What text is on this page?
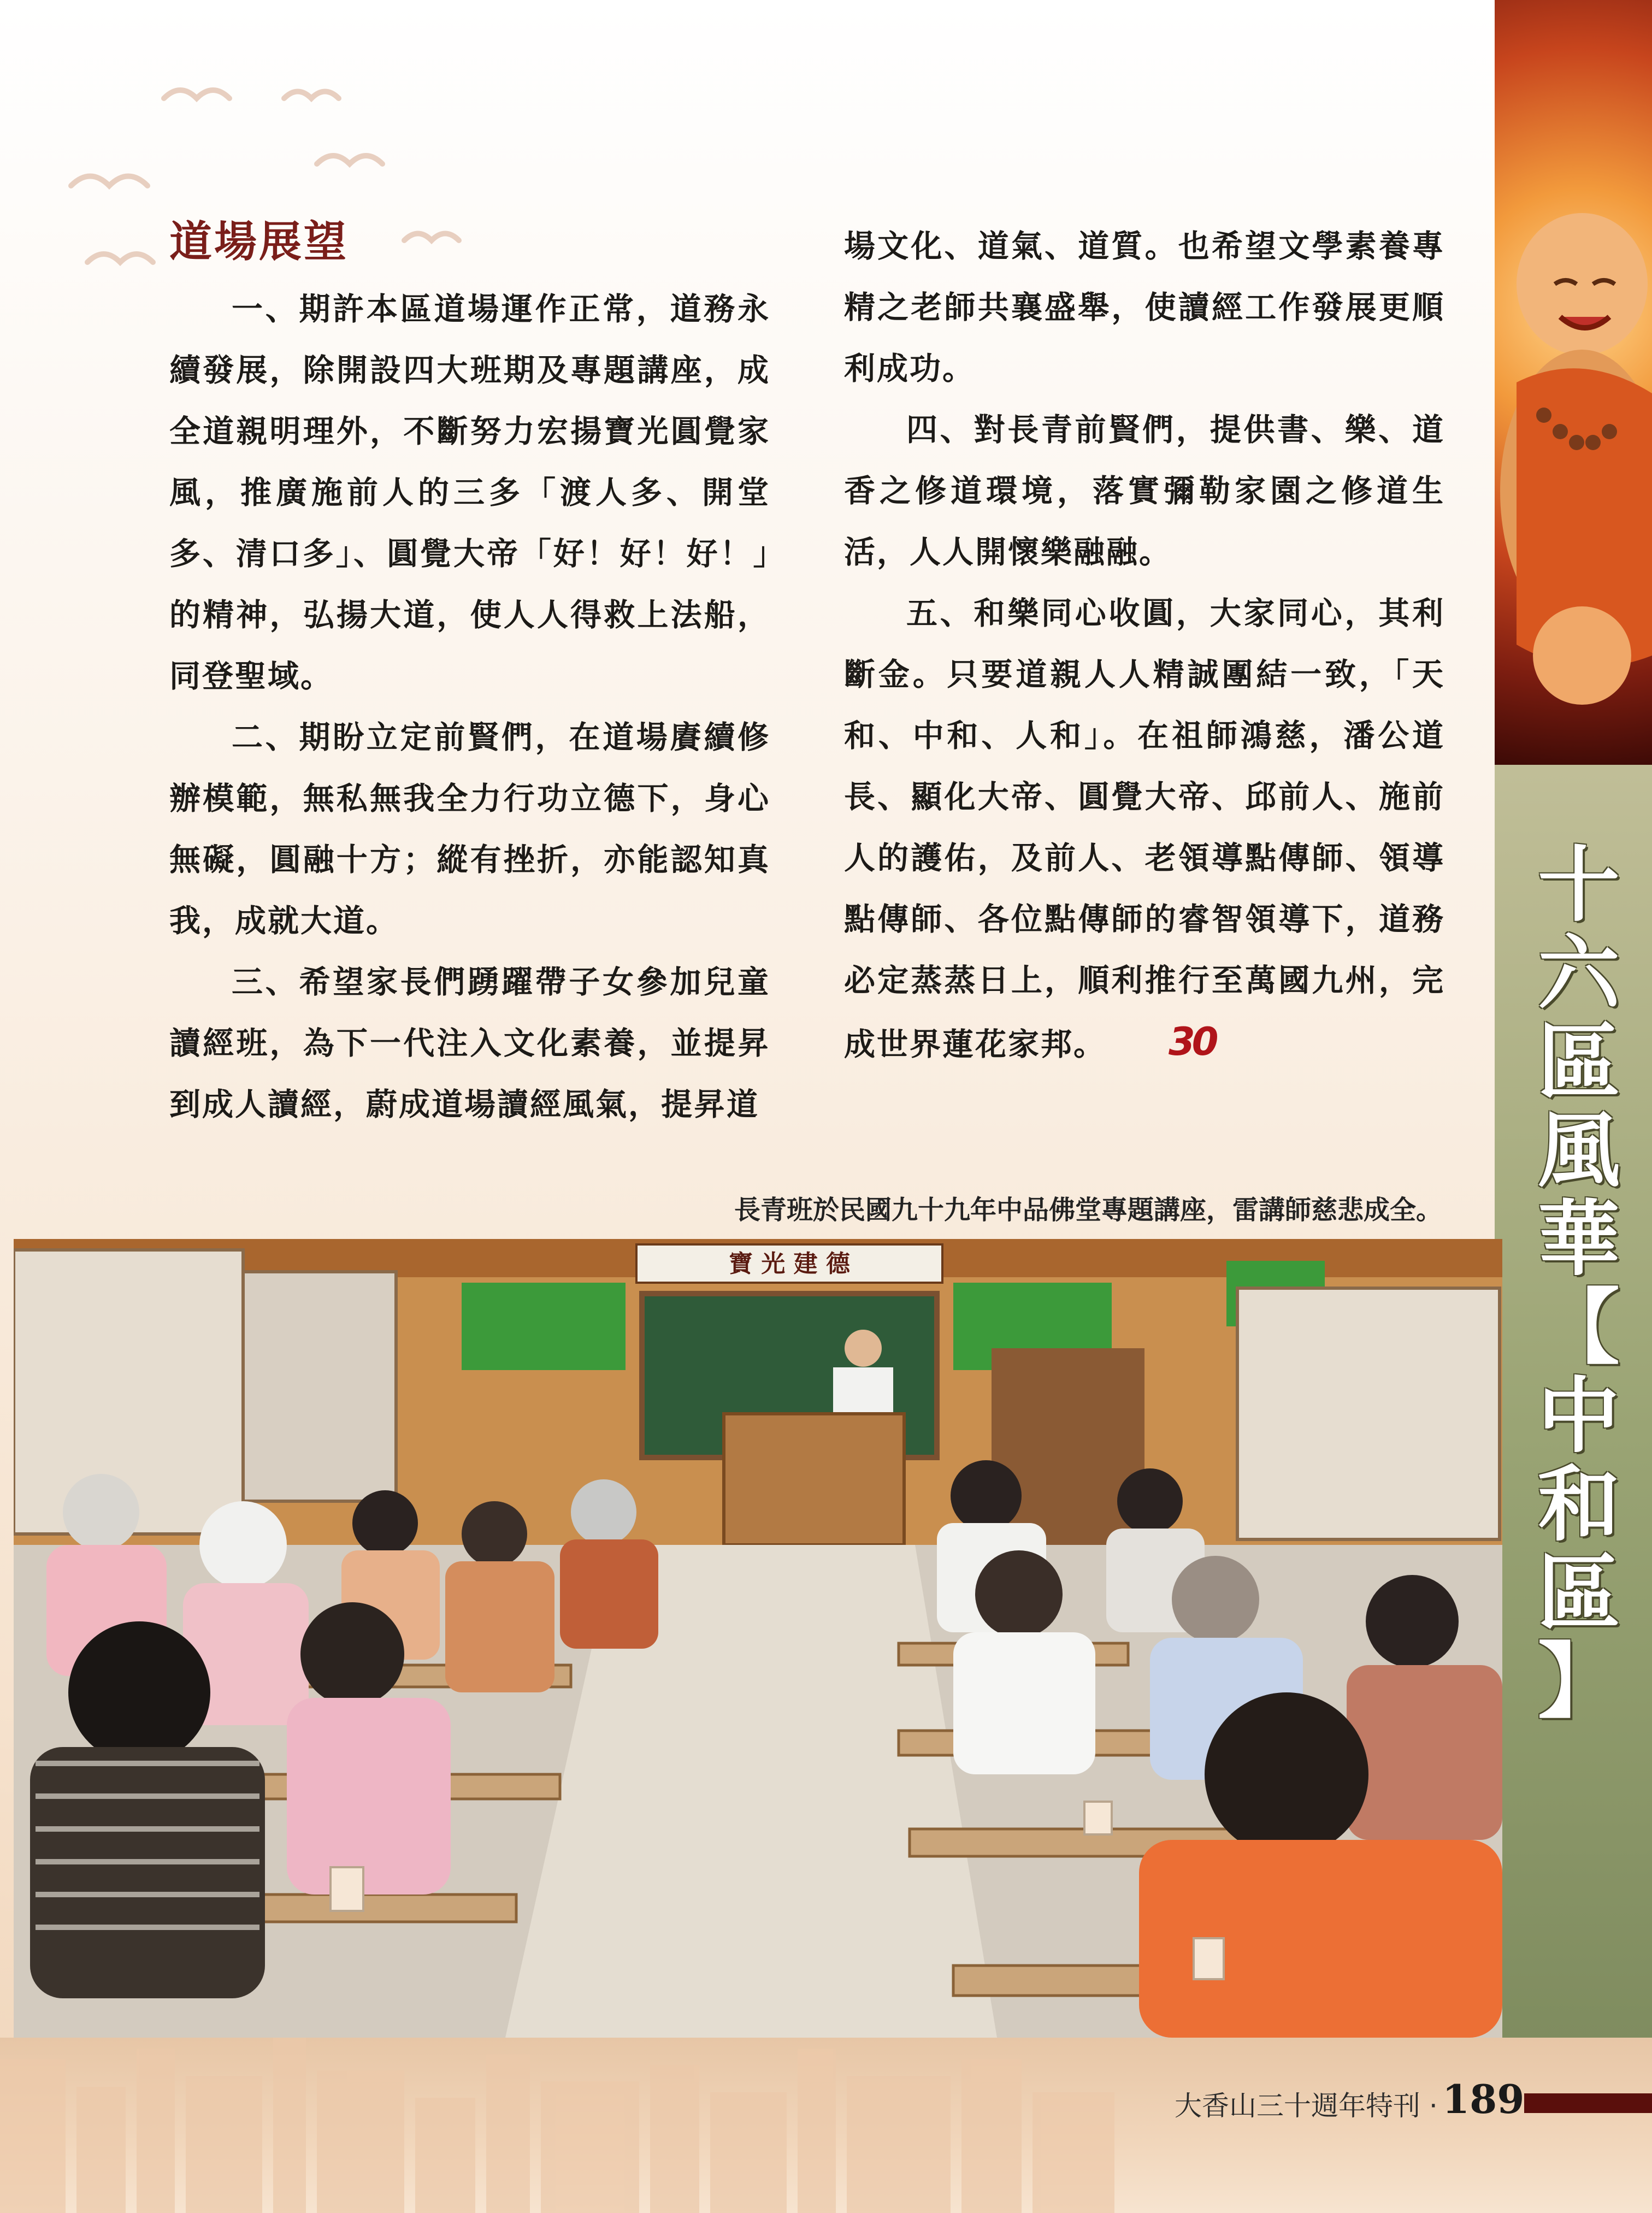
十
六
區
風
華
【
中
和
區
】
道場展望

一、期許本區道場運作正常，道務永續發展，除開設四大班期及專題講座，成全道親明理外，不斷努力宏揚寶光圓覺家風，推廣施前人的三多「渡人多、開堂多、清口多」、圓覺大帝「好！好！好！」的精神，弘揚大道，使人人得救上法船，同登聖域。

二、期盼立定前賢們，在道場賡續修辦模範，無私無我全力行功立德下，身心無礙，圓融十方；縱有挫折，亦能認知真我，成就大道。

三、希望家長們踴躍帶子女參加兒童讀經班，為下一代注入文化素養，並提昇到成人讀經，蔚成道場讀經風氣，提昇道

場文化、道氣、道質。也希望文學素養專精之老師共襄盛舉，使讀經工作發展更順利成功。

四、對長青前賢們，提供書、樂、道香之修道環境，落實彌勒家園之修道生活，人人開懷樂融融。

五、和樂同心收圓，大家同心，其利斷金。只要道親人人精誠團結一致，「天和、中和、人和」。在祖師鴻慈，潘公道長、顯化大帝、圓覺大帝、邱前人、施前人的護佑，及前人、老領導點傳師、領導點傳師、各位點傳師的睿智領導下，道務必定蒸蒸日上，順利推行至萬國九州，完成世界蓮花家邦。 30

長青班於民國九十九年中品佛堂專題講座，雷講師慈悲成全。
寶 光 建 德
大香山三十週年特刊 · 189
